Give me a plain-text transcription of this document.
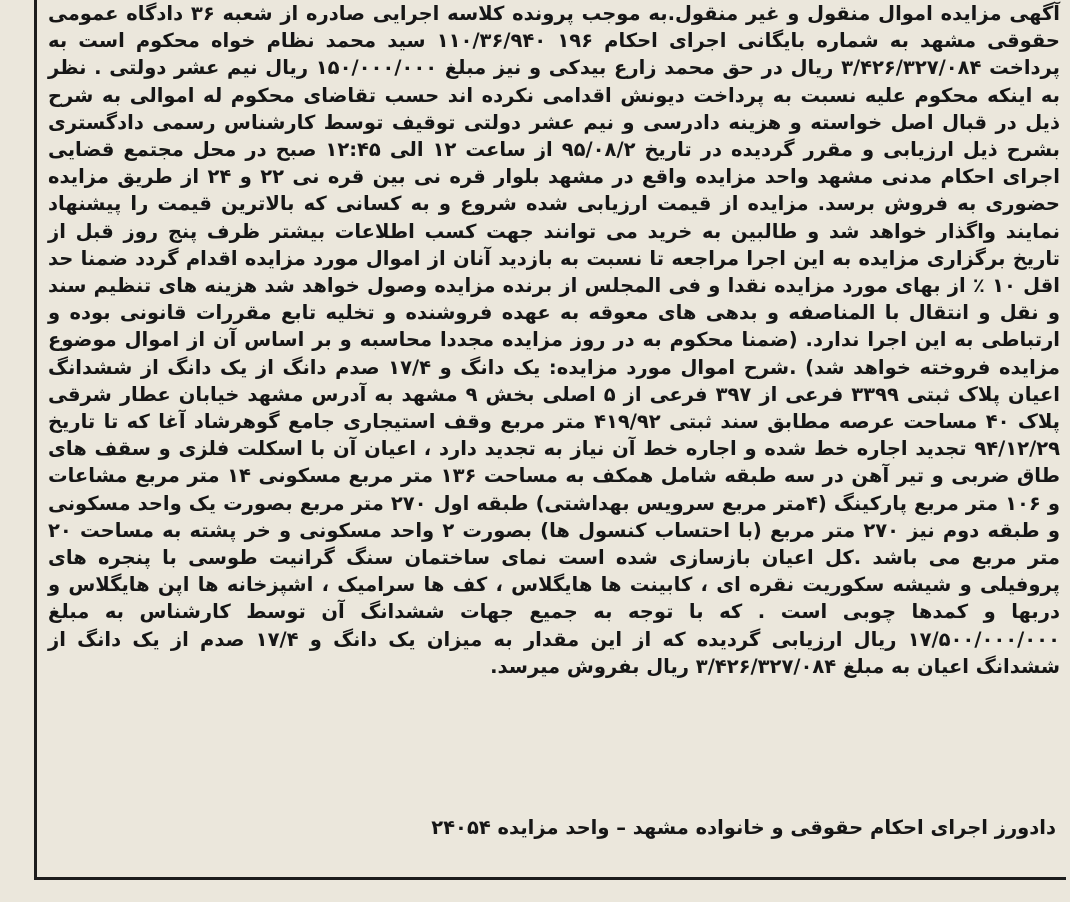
آگهی مزایده اموال منقول و غیر منقول.به موجب پرونده کلاسه اجرایی صادره از شعبه ۳۶ دادگاه عمومی حقوقی مشهد به شماره بایگانی اجرای احکام ۱۹۶ ۱۱۰/۳۶/۹۴۰ سید محمد نظام خواه محکوم است به پرداخت ۳/۴۲۶/۳۲۷/۰۸۴ ریال در حق محمد زارع بیدکی و نیز مبلغ ۱۵۰/۰۰۰/۰۰۰ ریال نیم عشر دولتی . نظر به اینکه محکوم علیه نسبت به پرداخت دیونش اقدامی نکرده اند حسب تقاضای محکوم له اموالی به شرح ذیل در قبال اصل خواسته و هزینه دادرسی و نیم عشر دولتی توقیف توسط کارشناس رسمی دادگستری بشرح ذیل ارزیابی و مقرر گردیده در تاریخ ۹۵/۰۸/۲ از ساعت ۱۲ الی ۱۲:۴۵ صبح در محل مجتمع قضایی اجرای احکام مدنی مشهد واحد مزایده واقع در مشهد بلوار قره نی بین قره نی ۲۲ و ۲۴ از طریق مزایده حضوری به فروش برسد. مزایده از قیمت ارزیابی شده شروع و به کسانی که بالاترین قیمت را پیشنهاد نمایند واگذار خواهد شد و طالبین به خرید می توانند جهت کسب اطلاعات بیشتر ظرف پنج روز قبل از تاریخ برگزاری مزایده به این اجرا مراجعه تا نسبت به بازدید آنان از اموال مورد مزایده اقدام گردد ضمنا حد اقل ۱۰ ٪ از بهای مورد مزایده نقدا و فی المجلس از برنده مزایده وصول خواهد شد هزینه های تنظیم سند و نقل و انتقال با المناصفه و بدهی های معوقه به عهده فروشنده و تخلیه تابع مقررات قانونی بوده و ارتباطی به این اجرا ندارد. (ضمنا محکوم به در روز مزایده مجددا محاسبه و بر اساس آن از اموال موضوع مزایده فروخته خواهد شد) .شرح اموال مورد مزایده: یک دانگ و ۱۷/۴ صدم دانگ از یک دانگ از ششدانگ اعیان پلاک ثبتی ۳۳۹۹ فرعی از ۳۹۷ فرعی از ۵ اصلی بخش ۹ مشهد به آدرس مشهد خیابان عطار شرقی پلاک ۴۰ مساحت عرصه مطابق سند ثبتی ۴۱۹/۹۲ متر مربع وقف استیجاری جامع گوهرشاد آغا که تا تاریخ ۹۴/۱۲/۲۹ تجدید اجاره خط شده و اجاره خط آن نیاز به تجدید دارد ، اعیان آن با اسکلت فلزی و سقف های طاق ضربی و تیر آهن در سه طبقه شامل همکف به مساحت ۱۳۶ متر مربع مسکونی ۱۴ متر مربع مشاعات و ۱۰۶ متر مربع پارکینگ (۴متر مربع سرویس بهداشتی) طبقه اول ۲۷۰ متر مربع بصورت یک واحد مسکونی و طبقه دوم نیز ۲۷۰ متر مربع (با احتساب کنسول ها) بصورت ۲ واحد مسکونی و خر پشته به مساحت ۲۰ متر مربع می باشد .کل اعیان بازسازی شده است نمای ساختمان سنگ گرانیت طوسی با پنجره های پروفیلی و شیشه سکوریت نقره ای ، کابینت ها هایگلاس ، کف ها سرامیک ، اشپزخانه ها اپن هایگلاس و دربها و کمدها چوبی است . که با توجه به جمیع جهات ششدانگ آن توسط کارشناس به مبلغ ۱۷/۵۰۰/۰۰۰/۰۰۰ ریال ارزیابی گردیده که از این مقدار به میزان یک دانگ و ۱۷/۴ صدم از یک دانگ از ششدانگ اعیان به مبلغ ۳/۴۲۶/۳۲۷/۰۸۴ ریال بفروش میرسد.

دادورز اجرای احکام حقوقی و خانواده مشهد – واحد مزایده ۲۴۰۵۴
